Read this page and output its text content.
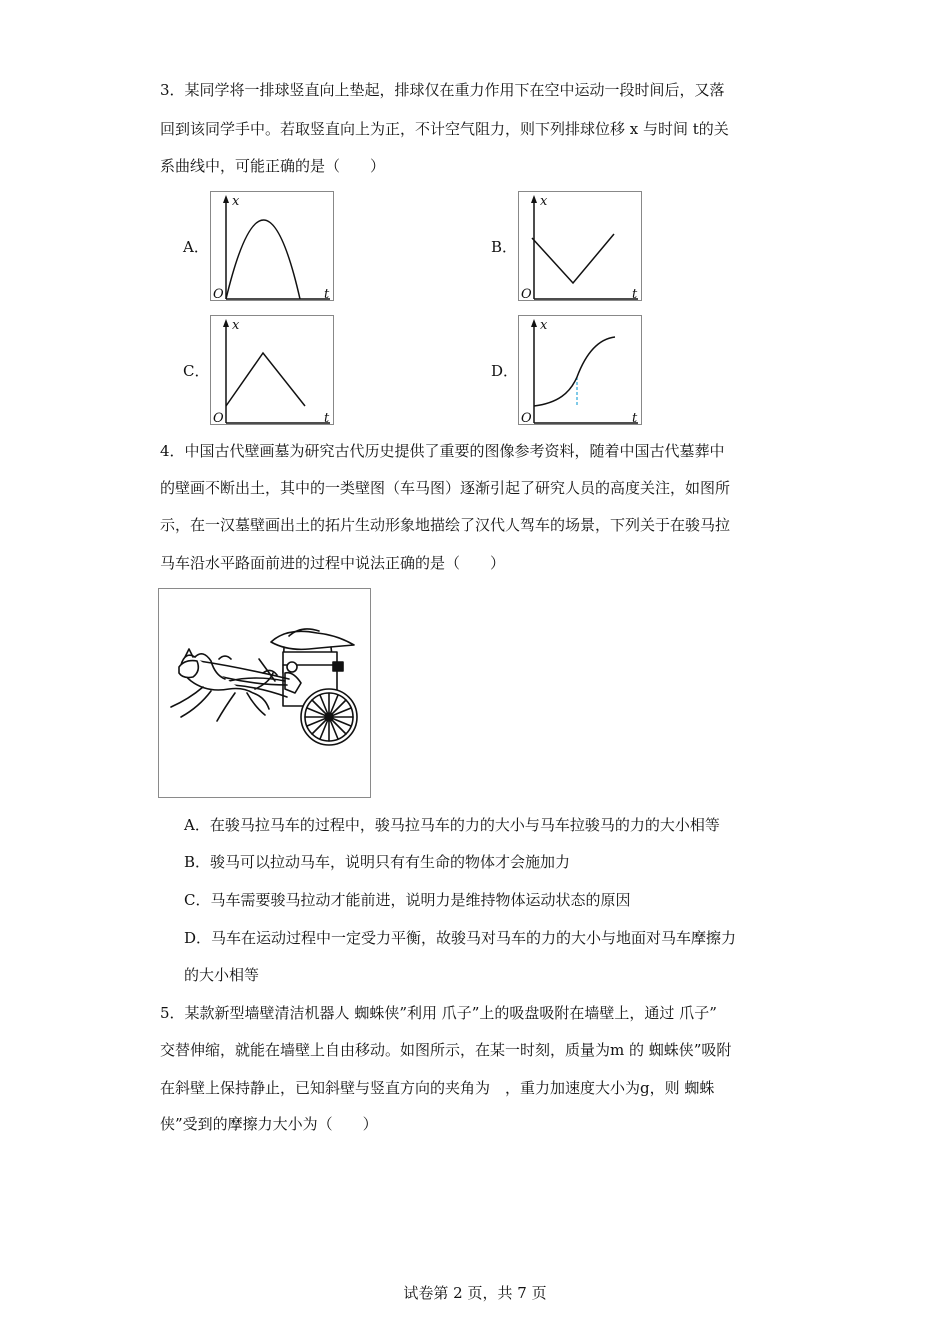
3．某同学将一排球竖直向上垫起，排球仅在重力作用下在空中运动一段时间后，又落
回到该同学手中。若取竖直向上为正，不计空气阻力，则下列排球位移 x 与时间 t的关
系曲线中，可能正确的是（　　）
A．
x
t
O
B．
x
t
O
C．
x
t
O
D．
x
t
O
4．中国古代壁画墓为研究古代历史提供了重要的图像参考资料，随着中国古代墓葬中
的壁画不断出土，其中的一类壁图（车马图）逐渐引起了研究人员的高度关注，如图所
示，在一汉墓壁画出土的拓片生动形象地描绘了汉代人驾车的场景，下列关于在骏马拉
马车沿水平路面前进的过程中说法正确的是（　　）
A．在骏马拉马车的过程中，骏马拉马车的力的大小与马车拉骏马的力的大小相等
B．骏马可以拉动马车，说明只有有生命的物体才会施加力
C．马车需要骏马拉动才能前进，说明力是维持物体运动状态的原因
D．马车在运动过程中一定受力平衡，故骏马对马车的力的大小与地面对马车摩擦力
的大小相等
5．某款新型墙壁清洁机器人 蜘蛛侠”利用 爪子”上的吸盘吸附在墙壁上，通过 爪子”
交替伸缩，就能在墙壁上自由移动。如图所示，在某一时刻，质量为m 的 蜘蛛侠”吸附
在斜壁上保持静止，已知斜壁与竖直方向的夹角为　，重力加速度大小为g，则 蜘蛛
侠”受到的摩擦力大小为（　　）
试卷第 2 页，共 7 页
